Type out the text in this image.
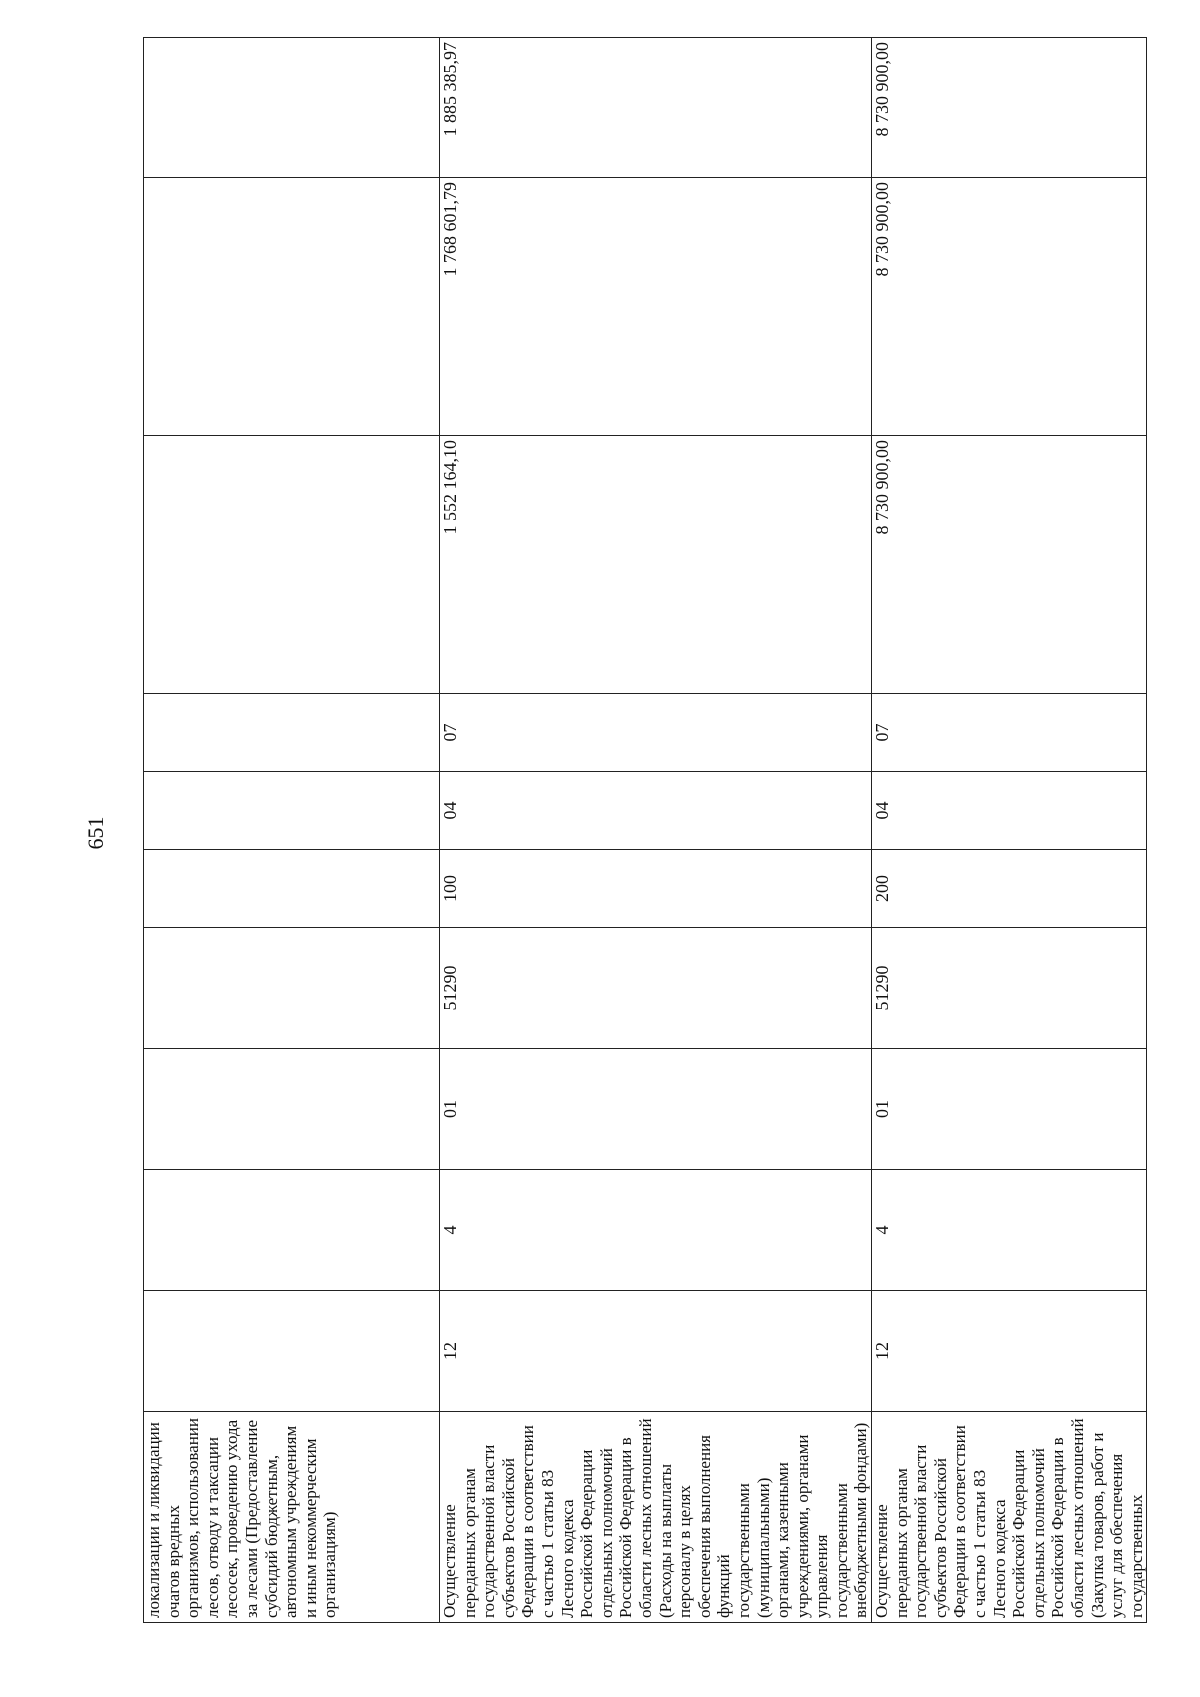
651
локализации и ликвидации очагов вредных организмов, использовании лесов, отводу и таксации лесосек, проведению ухода за лесами (Предоставление субсидий бюджетным, автономным учреждениям и иным некоммерческим организациям)										
Осуществление переданных органам государственной власти субъектов Российской Федерации в соответствии с частью 1 статьи 83 Лесного кодекса Российской Федерации отдельных полномочий Российской Федерации в области лесных отношений (Расходы на выплаты персоналу в целях обеспечения выполнения функций государственными (муниципальными) органами, казенными учреждениями, органами управления государственными внебюджетными фондами)	12	4	01	51290	100	04	07	1 552 164,10	1 768 601,79	1 885 385,97
Осуществление переданных органам государственной власти субъектов Российской Федерации в соответствии с частью 1 статьи 83 Лесного кодекса Российской Федерации отдельных полномочий Российской Федерации в области лесных отношений (Закупка товаров, работ и услуг для обеспечения государственных	12	4	01	51290	200	04	07	8 730 900,00	8 730 900,00	8 730 900,00
